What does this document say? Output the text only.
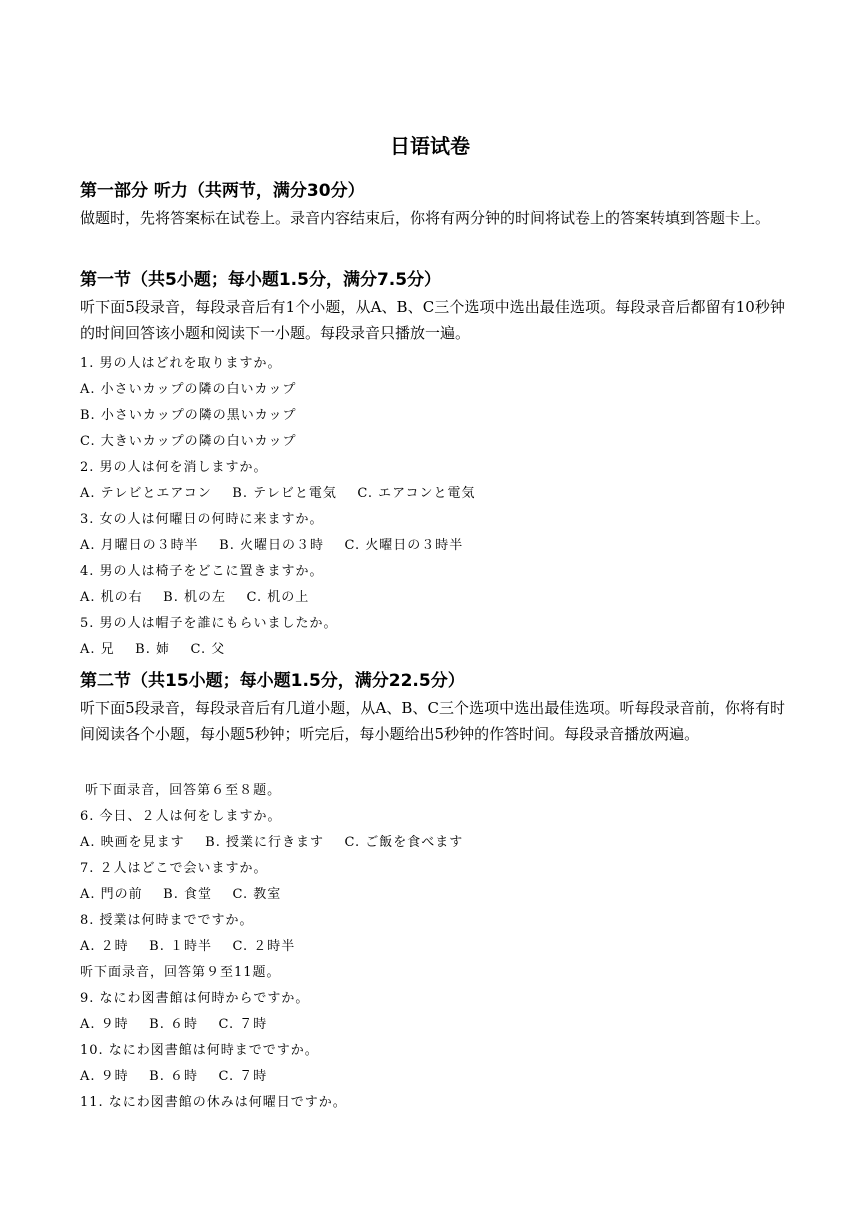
日语试卷
第一部分 听力（共两节，满分30分）
做题时，先将答案标在试卷上。录音内容结束后，你将有两分钟的时间将试卷上的答案转填到答题卡上。
第一节（共5小题；每小题1.5分，满分7.5分）
听下面5段录音，每段录音后有1个小题，从A、B、C三个选项中选出最佳选项。每段录音后都留有10秒钟的时间回答该小题和阅读下一小题。每段录音只播放一遍。
1. 男の人はどれを取りますか。
A. 小さいカップの隣の白いカップ
B. 小さいカップの隣の黒いカップ
C. 大きいカップの隣の白いカップ
2. 男の人は何を消しますか。
A. テレビとエアコン    B. テレビと電気    C. エアコンと電気
3. 女の人は何曜日の何時に来ますか。
A. 月曜日の３時半    B. 火曜日の３時    C. 火曜日の３時半
4. 男の人は椅子をどこに置きますか。
A. 机の右    B. 机の左    C. 机の上
5. 男の人は帽子を誰にもらいましたか。
A. 兄    B. 姉    C. 父
第二节（共15小题；每小题1.5分，满分22.5分）
听下面5段录音，每段录音后有几道小题，从A、B、C三个选项中选出最佳选项。听每段录音前，你将有时间阅读各个小题，每小题5秒钟；听完后，每小题给出5秒钟的作答时间。每段录音播放两遍。
听下面录音，回答第６至８题。
6. 今日、２人は何をしますか。
A. 映画を見ます    B. 授業に行きます    C. ご飯を食べます
7. ２人はどこで会いますか。
A. 門の前    B. 食堂    C. 教室
8. 授業は何時までですか。
A. ２時    B. １時半    C. ２時半
听下面录音，回答第９至11题。
9. なにわ図書館は何時からですか。
A. ９時    B. ６時    C. ７時
10. なにわ図書館は何時までですか。
A. ９時    B. ６時    C. ７時
11. なにわ図書館の休みは何曜日ですか。
